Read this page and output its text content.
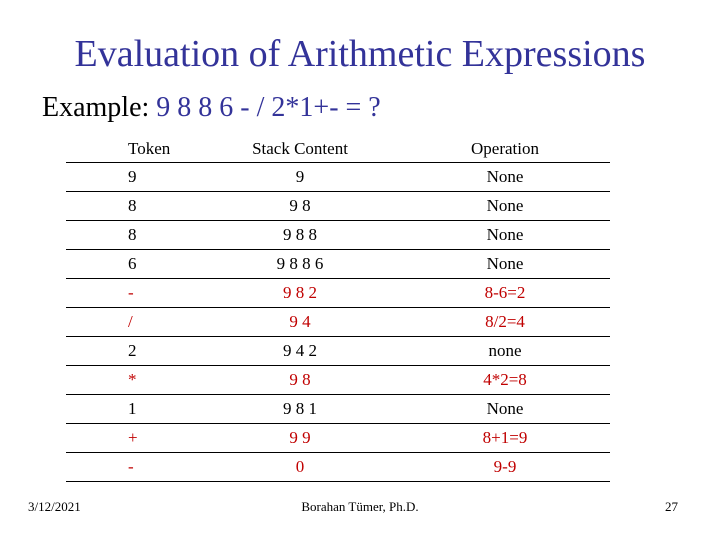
Evaluation of Arithmetic Expressions
Example: 9 8 8 6 - / 2*1+- = ?
Token	Stack Content	Operation
9	9	None
8	9 8	None
8	9 8 8	None
6	9 8 8 6	None
-	9 8 2	8-6=2
/	9 4	8/2=4
2	9 4 2	none
*	9 8	4*2=8
1	9 8 1	None
+	9 9	8+1=9
-	0	9-9
3/12/2021	Borahan Tümer, Ph.D.	27
